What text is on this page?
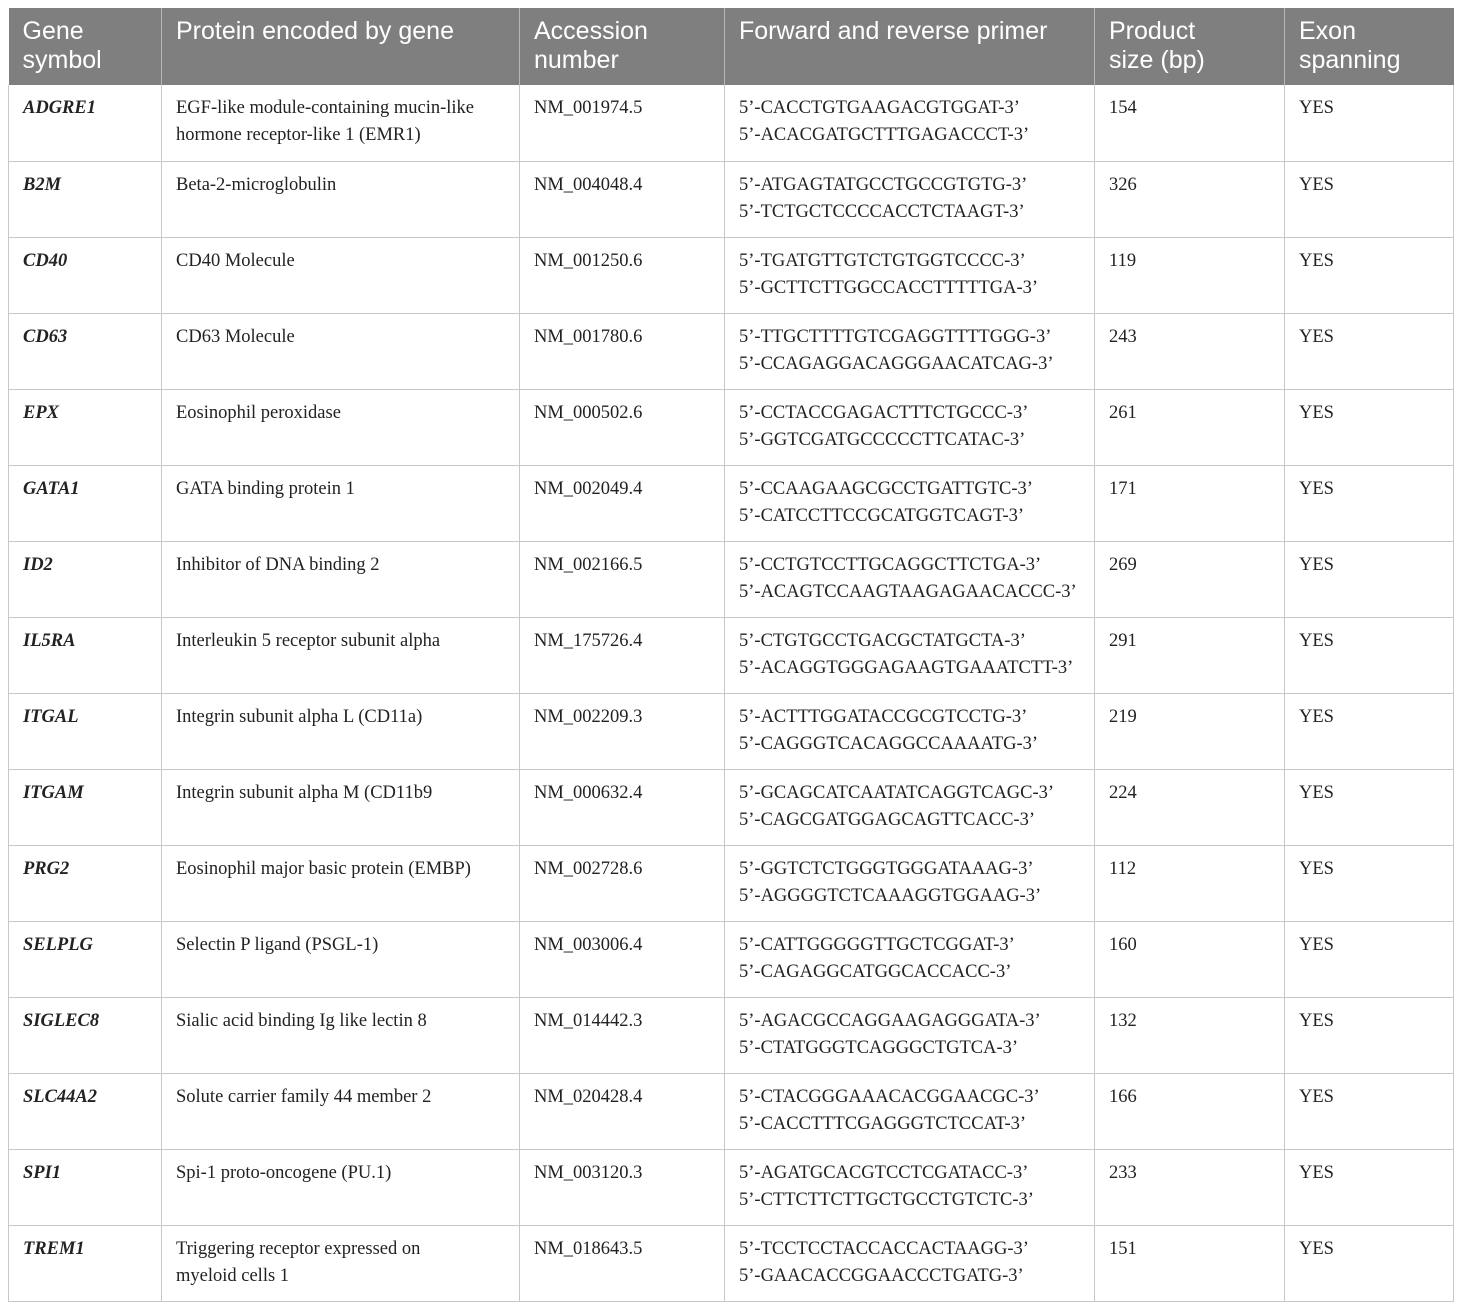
Gene
symbol	Protein encoded by gene	Accession
number	Forward and reverse primer	Product
size (bp)	Exon
spanning

ADGRE1	EGF-like module-containing mucin-like
hormone receptor-like 1 (EMR1)	NM_001974.5	5’-CACCTGTGAAGACGTGGAT-3’
5’-ACACGATGCTTTGAGACCCT-3’	154	YES

B2M	Beta-2-microglobulin	NM_004048.4	5’-ATGAGTATGCCTGCCGTGTG-3’
5’-TCTGCTCCCCACCTCTAAGT-3’	326	YES

CD40	CD40 Molecule	NM_001250.6	5’-TGATGTTGTCTGTGGTCCCC-3’
5’-GCTTCTTGGCCACCTTTTTGA-3’	119	YES

CD63	CD63 Molecule	NM_001780.6	5’-TTGCTTTTGTCGAGGTTTTGGG-3’
5’-CCAGAGGACAGGGAACATCAG-3’	243	YES

EPX	Eosinophil peroxidase	NM_000502.6	5’-CCTACCGAGACTTTCTGCCC-3’
5’-GGTCGATGCCCCCTTCATAC-3’	261	YES

GATA1	GATA binding protein 1	NM_002049.4	5’-CCAAGAAGCGCCTGATTGTC-3’
5’-CATCCTTCCGCATGGTCAGT-3’	171	YES

ID2	Inhibitor of DNA binding 2	NM_002166.5	5’-CCTGTCCTTGCAGGCTTCTGA-3’
5’-ACAGTCCAAGTAAGAGAACACCC-3’	269	YES

IL5RA	Interleukin 5 receptor subunit alpha	NM_175726.4	5’-CTGTGCCTGACGCTATGCTA-3’
5’-ACAGGTGGGAGAAGTGAAATCTT-3’	291	YES

ITGAL	Integrin subunit alpha L (CD11a)	NM_002209.3	5’-ACTTTGGATACCGCGTCCTG-3’
5’-CAGGGTCACAGGCCAAAATG-3’	219	YES

ITGAM	Integrin subunit alpha M (CD11b9	NM_000632.4	5’-GCAGCATCAATATCAGGTCAGC-3’
5’-CAGCGATGGAGCAGTTCACC-3’	224	YES

PRG2	Eosinophil major basic protein (EMBP)	NM_002728.6	5’-GGTCTCTGGGTGGGATAAAG-3’
5’-AGGGGTCTCAAAGGTGGAAG-3’	112	YES

SELPLG	Selectin P ligand (PSGL-1)	NM_003006.4	5’-CATTGGGGGTTGCTCGGAT-3’
5’-CAGAGGCATGGCACCACC-3’	160	YES

SIGLEC8	Sialic acid binding Ig like lectin 8	NM_014442.3	5’-AGACGCCAGGAAGAGGGATA-3’
5’-CTATGGGTCAGGGCTGTCA-3’	132	YES

SLC44A2	Solute carrier family 44 member 2	NM_020428.4	5’-CTACGGGAAACACGGAACGC-3’
5’-CACCTTTCGAGGGTCTCCAT-3’	166	YES

SPI1	Spi-1 proto-oncogene (PU.1)	NM_003120.3	5’-AGATGCACGTCCTCGATACC-3’
5’-CTTCTTCTTGCTGCCTGTCTC-3’	233	YES

TREM1	Triggering receptor expressed on
myeloid cells 1	NM_018643.5	5’-TCCTCCTACCACCACTAAGG-3’
5’-GAACACCGGAACCCTGATG-3’	151	YES
